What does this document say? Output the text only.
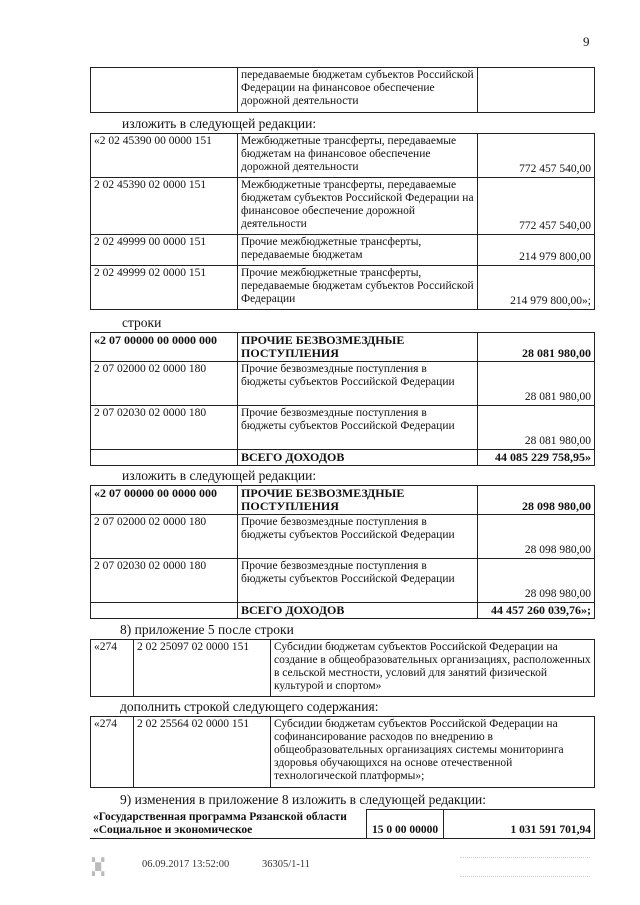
9
	передаваемые бюджетам субъектов Российской Федерации на финансовое обеспечение дорожной деятельности	
изложить в следующей редакции:
«2 02 45390 00 0000 151	Межбюджетные трансферты, передаваемые бюджетам на финансовое обеспечение дорожной деятельности	772 457 540,00
2 02 45390 02 0000 151	Межбюджетные трансферты, передаваемые бюджетам субъектов Российской Федерации на финансовое обеспечение дорожной деятельности	772 457 540,00
2 02 49999 00 0000 151	Прочие межбюджетные трансферты, передаваемые бюджетам	214 979 800,00
2 02 49999 02 0000 151	Прочие межбюджетные трансферты, передаваемые бюджетам субъектов Российской Федерации	214 979 800,00»;
строки
«2 07 00000 00 0000 000	ПРОЧИЕ БЕЗВОЗМЕЗДНЫЕ ПОСТУПЛЕНИЯ	28 081 980,00
2 07 02000 02 0000 180	Прочие безвозмездные поступления в бюджеты субъектов Российской Федерации	28 081 980,00
2 07 02030 02 0000 180	Прочие безвозмездные поступления в бюджеты субъектов Российской Федерации	28 081 980,00
	ВСЕГО ДОХОДОВ	44 085 229 758,95»
изложить в следующей редакции:
«2 07 00000 00 0000 000	ПРОЧИЕ БЕЗВОЗМЕЗДНЫЕ ПОСТУПЛЕНИЯ	28 098 980,00
2 07 02000 02 0000 180	Прочие безвозмездные поступления в бюджеты субъектов Российской Федерации	28 098 980,00
2 07 02030 02 0000 180	Прочие безвозмездные поступления в бюджеты субъектов Российской Федерации	28 098 980,00
	ВСЕГО ДОХОДОВ	44 457 260 039,76»;
8) приложение 5 после строки
«274	2 02 25097 02 0000 151	Субсидии бюджетам субъектов Российской Федерации на создание в общеобразовательных организациях, расположенных в сельской местности, условий для занятий физической культурой и спортом»
дополнить строкой следующего содержания:
«274	2 02 25564 02 0000 151	Субсидии бюджетам субъектов Российской Федерации на софинансирование расходов по внедрению в общеобразовательных организациях системы мониторинга здоровья обучающихся на основе отечественной технологической платформы»;
9) изменения в приложение 8 изложить в следующей редакции:
«Государственная программа Рязанской области «Социальное и экономическое	15 0 00 00000	1 031 591 701,94
▚▞
▞▚
06.09.2017 13:52:00	36305/1-11
